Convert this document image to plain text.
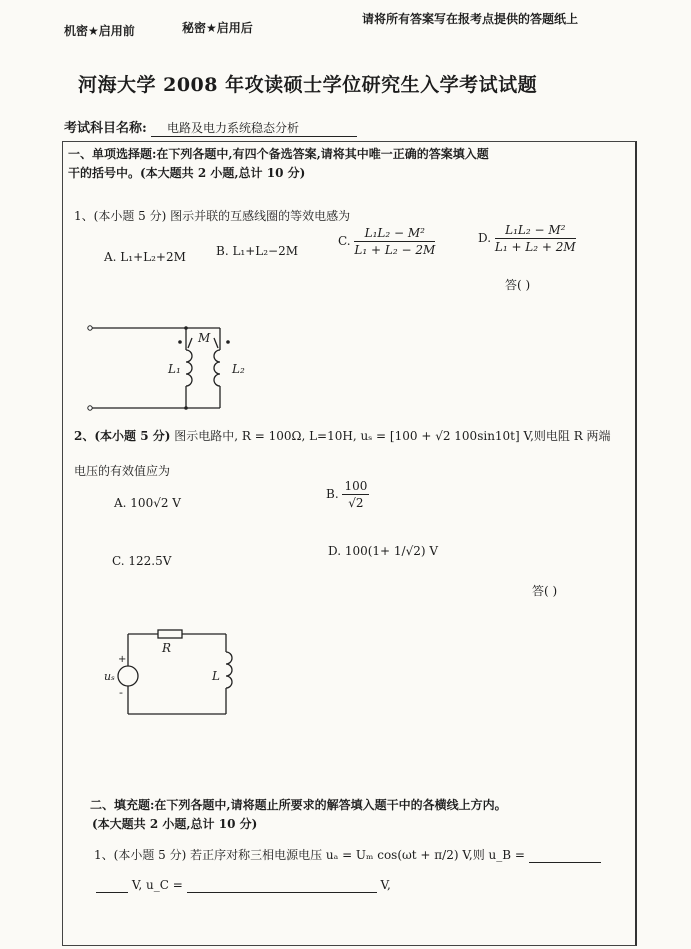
机密★启用前	秘密★启用后
请将所有答案写在报考点提供的答题纸上
河海大学 2008 年攻读硕士学位研究生入学考试试题
考试科目名称: 电路及电力系统稳态分析
一、单项选择题:在下列各题中,有四个备选答案,请将其中唯一正确的答案填入题
干的括号中。(本大题共 2 小题,总计 10 分)
1、(本小题 5 分) 图示并联的互感线圈的等效电感为
A. L₁+L₂+2M	B. L₁+L₂−2M
C. $\frac{\text{L₁L₂ − M²}}{\text{L₁ + L₂ − 2M}}$	D. $\frac{\text{L₁L₂ − M²}}{\text{L₁ + L₂ + 2M}}$
答( )
M
L₁	L₂
2、(本小题 5 分) 图示电路中, R = 100Ω, L=10H, uₛ = [100 + √2 100sin10t] V,则电阻 R 两端
电压的有效值应为
A. 100√2 V
B. $\frac{100}{√2}$
C. 122.5V
D. 100(1+ 1/√2) V
答( )
R
L
uₛ
+
-
二、填充题:在下列各题中,请将题止所要求的解答填入题干中的各横线上方内。
(本大题共 2 小题,总计 10 分)
1、(本小题 5 分) 若正序对称三相电源电压 uₐ = Uₘ cos(ωt + π/2) V,则 u_B =
V, u_C =	V,
